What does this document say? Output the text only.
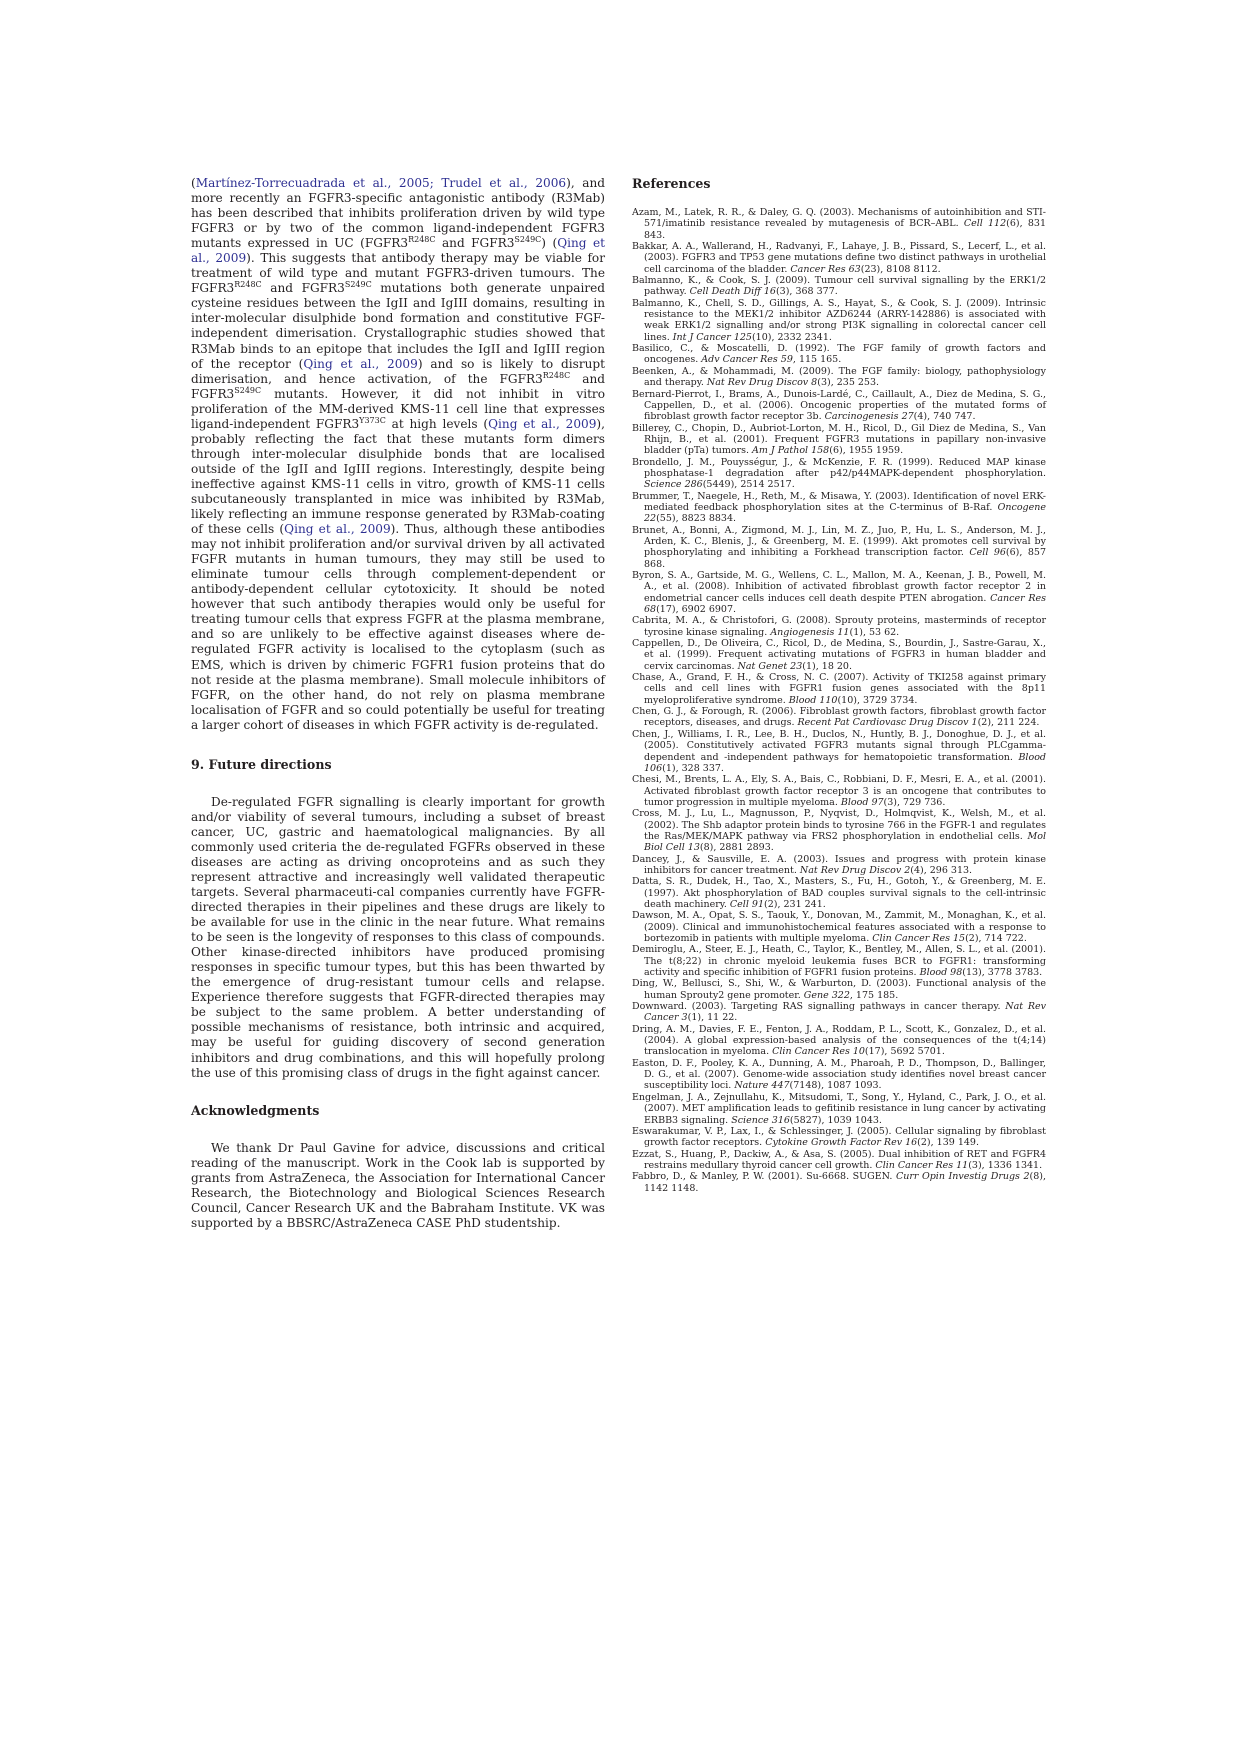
(Martínez-Torrecuadrada et al., 2005; Trudel et al., 2006), and more recently an FGFR3-specific antagonistic antibody (R3Mab) has been described that inhibits proliferation driven by wild type FGFR3 or by two of the common ligand-independent FGFR3 mutants expressed in UC ($FGFR3^{R248C}$ and $FGFR3^{S249C}$) (Qing et al., 2009). This suggests that antibody therapy may be viable for treatment of wild type and mutant FGFR3-driven tumours. The $FGFR3^{R248C}$ and $FGFR3^{S249C}$ mutations both generate unpaired cysteine residues between the IgII and IgIII domains, resulting in inter-molecular disulphide bond formation and constitutive FGF-independent dimerisation. Crystallographic studies showed that R3Mab binds to an epitope that includes the IgII and IgIII region of the receptor (Qing et al., 2009) and so is likely to disrupt dimerisation, and hence activation, of the $FGFR3^{R248C}$ and $FGFR3^{S249C}$ mutants. However, it did not inhibit in vitro proliferation of the MM-derived KMS-11 cell line that expresses ligand-independent $FGFR3^{Y373C}$ at high levels (Qing et al., 2009), probably reflecting the fact that these mutants form dimers through inter-molecular disulphide bonds that are localised outside of the IgII and IgIII regions. Interestingly, despite being ineffective against KMS-11 cells in vitro, growth of KMS-11 cells subcutaneously transplanted in mice was inhibited by R3Mab, likely reflecting an immune response generated by R3Mab-coating of these cells (Qing et al., 2009). Thus, although these antibodies may not inhibit proliferation and/or survival driven by all activated FGFR mutants in human tumours, they may still be used to eliminate tumour cells through complement-dependent or antibody-dependent cellular cytotoxicity. It should be noted however that such antibody therapies would only be useful for treating tumour cells that express FGFR at the plasma membrane, and so are unlikely to be effective against diseases where de-regulated FGFR activity is localised to the cytoplasm (such as EMS, which is driven by chimeric FGFR1 fusion proteins that do not reside at the plasma membrane). Small molecule inhibitors of FGFR, on the other hand, do not rely on plasma membrane localisation of FGFR and so could potentially be useful for treating a larger cohort of diseases in which FGFR activity is de-regulated.

9. Future directions

De-regulated FGFR signalling is clearly important for growth and/or viability of several tumours, including a subset of breast cancer, UC, gastric and haematological malignancies. By all commonly used criteria the de-regulated FGFRs observed in these diseases are acting as driving oncoproteins and as such they represent attractive and increasingly well validated therapeutic targets. Several pharmaceuti-cal companies currently have FGFR-directed therapies in their pipelines and these drugs are likely to be available for use in the clinic in the near future. What remains to be seen is the longevity of responses to this class of compounds. Other kinase-directed inhibitors have produced promising responses in specific tumour types, but this has been thwarted by the emergence of drug-resistant tumour cells and relapse. Experience therefore suggests that FGFR-directed therapies may be subject to the same problem. A better understanding of possible mechanisms of resistance, both intrinsic and acquired, may be useful for guiding discovery of second generation inhibitors and drug combinations, and this will hopefully prolong the use of this promising class of drugs in the fight against cancer.

Acknowledgments

We thank Dr Paul Gavine for advice, discussions and critical reading of the manuscript. Work in the Cook lab is supported by grants from AstraZeneca, the Association for International Cancer Research, the Biotechnology and Biological Sciences Research Council, Cancer Research UK and the Babraham Institute. VK was supported by a BBSRC/AstraZeneca CASE PhD studentship.

References

Azam, M., Latek, R. R., & Daley, G. Q. (2003). Mechanisms of autoinhibition and STI-571/imatinib resistance revealed by mutagenesis of BCR–ABL. Cell 112(6), 831 843.

Bakkar, A. A., Wallerand, H., Radvanyi, F., Lahaye, J. B., Pissard, S., Lecerf, L., et al. (2003). FGFR3 and TP53 gene mutations define two distinct pathways in urothelial cell carcinoma of the bladder. Cancer Res 63(23), 8108 8112.

Balmanno, K., & Cook, S. J. (2009). Tumour cell survival signalling by the ERK1/2 pathway. Cell Death Diff 16(3), 368 377.

Balmanno, K., Chell, S. D., Gillings, A. S., Hayat, S., & Cook, S. J. (2009). Intrinsic resistance to the MEK1/2 inhibitor AZD6244 (ARRY-142886) is associated with weak ERK1/2 signalling and/or strong PI3K signalling in colorectal cancer cell lines. Int J Cancer 125(10), 2332 2341.

Basilico, C., & Moscatelli, D. (1992). The FGF family of growth factors and oncogenes. Adv Cancer Res 59, 115 165.

Beenken, A., & Mohammadi, M. (2009). The FGF family: biology, pathophysiology and therapy. Nat Rev Drug Discov 8(3), 235 253.

Bernard-Pierrot, I., Brams, A., Dunois-Lardé, C., Caillault, A., Diez de Medina, S. G., Cappellen, D., et al. (2006). Oncogenic properties of the mutated forms of fibroblast growth factor receptor 3b. Carcinogenesis 27(4), 740 747.

Billerey, C., Chopin, D., Aubriot-Lorton, M. H., Ricol, D., Gil Diez de Medina, S., Van Rhijn, B., et al. (2001). Frequent FGFR3 mutations in papillary non-invasive bladder (pTa) tumors. Am J Pathol 158(6), 1955 1959.

Brondello, J. M., Pouysségur, J., & McKenzie, F. R. (1999). Reduced MAP kinase phosphatase-1 degradation after p42/p44MAPK-dependent phosphorylation. Science 286(5449), 2514 2517.

Brummer, T., Naegele, H., Reth, M., & Misawa, Y. (2003). Identification of novel ERK-mediated feedback phosphorylation sites at the C-terminus of B-Raf. Oncogene 22(55), 8823 8834.

Brunet, A., Bonni, A., Zigmond, M. J., Lin, M. Z., Juo, P., Hu, L. S., Anderson, M. J., Arden, K. C., Blenis, J., & Greenberg, M. E. (1999). Akt promotes cell survival by phosphorylating and inhibiting a Forkhead transcription factor. Cell 96(6), 857 868.

Byron, S. A., Gartside, M. G., Wellens, C. L., Mallon, M. A., Keenan, J. B., Powell, M. A., et al. (2008). Inhibition of activated fibroblast growth factor receptor 2 in endometrial cancer cells induces cell death despite PTEN abrogation. Cancer Res 68(17), 6902 6907.

Cabrita, M. A., & Christofori, G. (2008). Sprouty proteins, masterminds of receptor tyrosine kinase signaling. Angiogenesis 11(1), 53 62.

Cappellen, D., De Oliveira, C., Ricol, D., de Medina, S., Bourdin, J., Sastre-Garau, X., et al. (1999). Frequent activating mutations of FGFR3 in human bladder and cervix carcinomas. Nat Genet 23(1), 18 20.

Chase, A., Grand, F. H., & Cross, N. C. (2007). Activity of TKI258 against primary cells and cell lines with FGFR1 fusion genes associated with the 8p11 myeloproliferative syndrome. Blood 110(10), 3729 3734.

Chen, G. J., & Forough, R. (2006). Fibroblast growth factors, fibroblast growth factor receptors, diseases, and drugs. Recent Pat Cardiovasc Drug Discov 1(2), 211 224.

Chen, J., Williams, I. R., Lee, B. H., Duclos, N., Huntly, B. J., Donoghue, D. J., et al. (2005). Constitutively activated FGFR3 mutants signal through PLCgamma-dependent and -independent pathways for hematopoietic transformation. Blood 106(1), 328 337.

Chesi, M., Brents, L. A., Ely, S. A., Bais, C., Robbiani, D. F., Mesri, E. A., et al. (2001). Activated fibroblast growth factor receptor 3 is an oncogene that contributes to tumor progression in multiple myeloma. Blood 97(3), 729 736.

Cross, M. J., Lu, L., Magnusson, P., Nyqvist, D., Holmqvist, K., Welsh, M., et al. (2002). The Shb adaptor protein binds to tyrosine 766 in the FGFR-1 and regulates the Ras/MEK/MAPK pathway via FRS2 phosphorylation in endothelial cells. Mol Biol Cell 13(8), 2881 2893.

Dancey, J., & Sausville, E. A. (2003). Issues and progress with protein kinase inhibitors for cancer treatment. Nat Rev Drug Discov 2(4), 296 313.

Datta, S. R., Dudek, H., Tao, X., Masters, S., Fu, H., Gotoh, Y., & Greenberg, M. E. (1997). Akt phosphorylation of BAD couples survival signals to the cell-intrinsic death machinery. Cell 91(2), 231 241.

Dawson, M. A., Opat, S. S., Taouk, Y., Donovan, M., Zammit, M., Monaghan, K., et al. (2009). Clinical and immunohistochemical features associated with a response to bortezomib in patients with multiple myeloma. Clin Cancer Res 15(2), 714 722.

Demiroglu, A., Steer, E. J., Heath, C., Taylor, K., Bentley, M., Allen, S. L., et al. (2001). The t(8;22) in chronic myeloid leukemia fuses BCR to FGFR1: transforming activity and specific inhibition of FGFR1 fusion proteins. Blood 98(13), 3778 3783.

Ding, W., Bellusci, S., Shi, W., & Warburton, D. (2003). Functional analysis of the human Sprouty2 gene promoter. Gene 322, 175 185.

Downward. (2003). Targeting RAS signalling pathways in cancer therapy. Nat Rev Cancer 3(1), 11 22.

Dring, A. M., Davies, F. E., Fenton, J. A., Roddam, P. L., Scott, K., Gonzalez, D., et al. (2004). A global expression-based analysis of the consequences of the t(4;14) translocation in myeloma. Clin Cancer Res 10(17), 5692 5701.

Easton, D. F., Pooley, K. A., Dunning, A. M., Pharoah, P. D., Thompson, D., Ballinger, D. G., et al. (2007). Genome-wide association study identifies novel breast cancer susceptibility loci. Nature 447(7148), 1087 1093.

Engelman, J. A., Zejnullahu, K., Mitsudomi, T., Song, Y., Hyland, C., Park, J. O., et al. (2007). MET amplification leads to gefitinib resistance in lung cancer by activating ERBB3 signaling. Science 316(5827), 1039 1043.

Eswarakumar, V. P., Lax, I., & Schlessinger, J. (2005). Cellular signaling by fibroblast growth factor receptors. Cytokine Growth Factor Rev 16(2), 139 149.

Ezzat, S., Huang, P., Dackiw, A., & Asa, S. (2005). Dual inhibition of RET and FGFR4 restrains medullary thyroid cancer cell growth. Clin Cancer Res 11(3), 1336 1341.

Fabbro, D., & Manley, P. W. (2001). Su-6668. SUGEN. Curr Opin Investig Drugs 2(8), 1142 1148.
